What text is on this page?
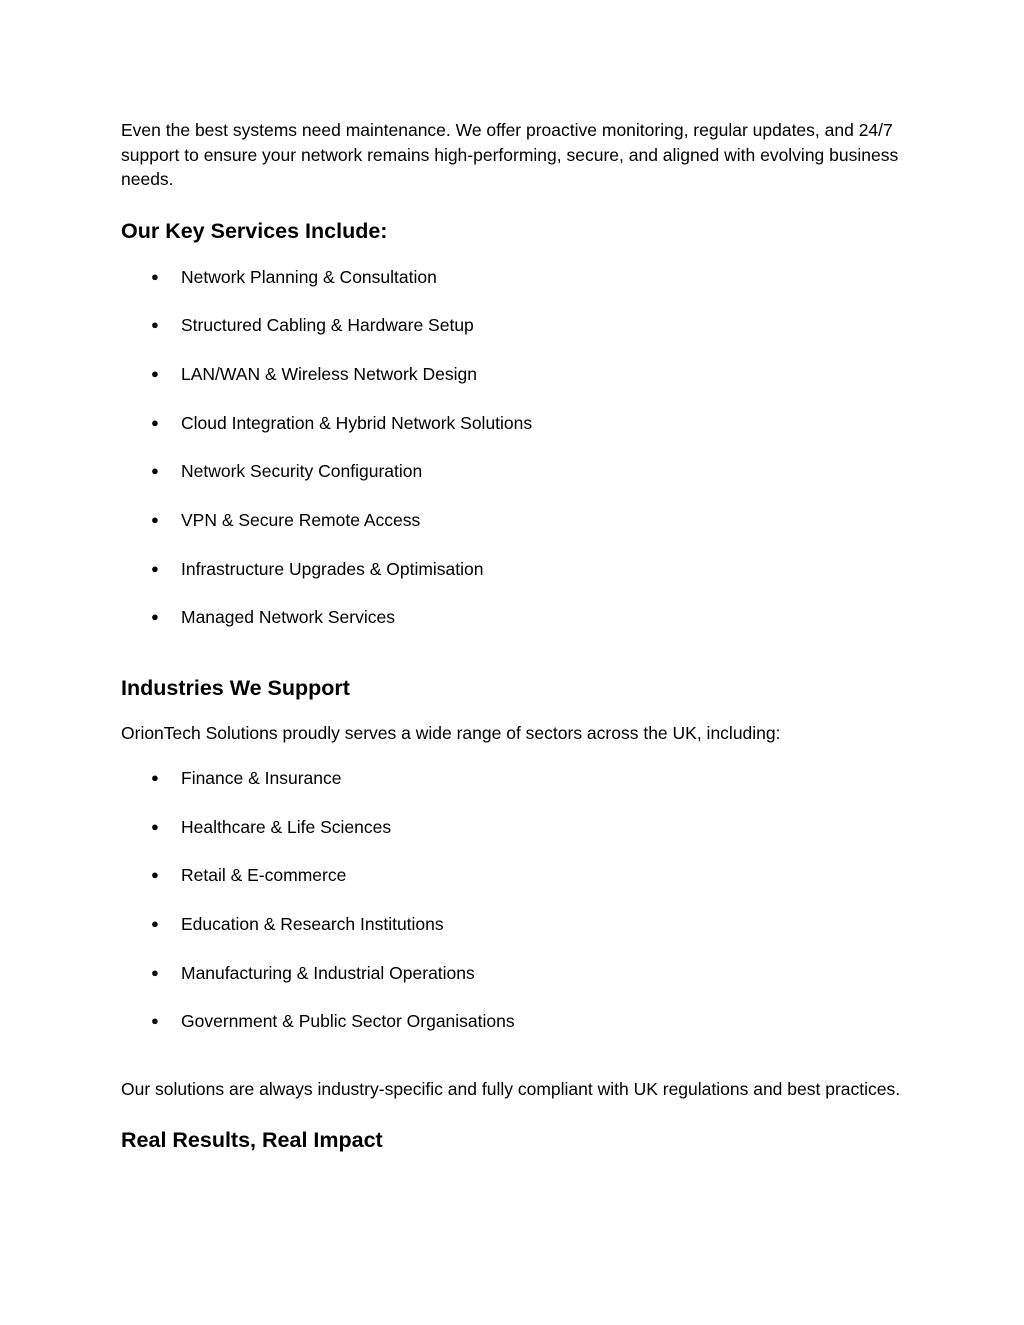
Even the best systems need maintenance. We offer proactive monitoring, regular updates, and 24/7 support to ensure your network remains high-performing, secure, and aligned with evolving business needs.

Our Key Services Include:
● Network Planning & Consultation
● Structured Cabling & Hardware Setup
● LAN/WAN & Wireless Network Design
● Cloud Integration & Hybrid Network Solutions
● Network Security Configuration
● VPN & Secure Remote Access
● Infrastructure Upgrades & Optimisation
● Managed Network Services
Industries We Support

OrionTech Solutions proudly serves a wide range of sectors across the UK, including:

● Finance & Insurance
● Healthcare & Life Sciences
● Retail & E-commerce
● Education & Research Institutions
● Manufacturing & Industrial Operations
● Government & Public Sector Organisations

Our solutions are always industry-specific and fully compliant with UK regulations and best practices.

Real Results, Real Impact
